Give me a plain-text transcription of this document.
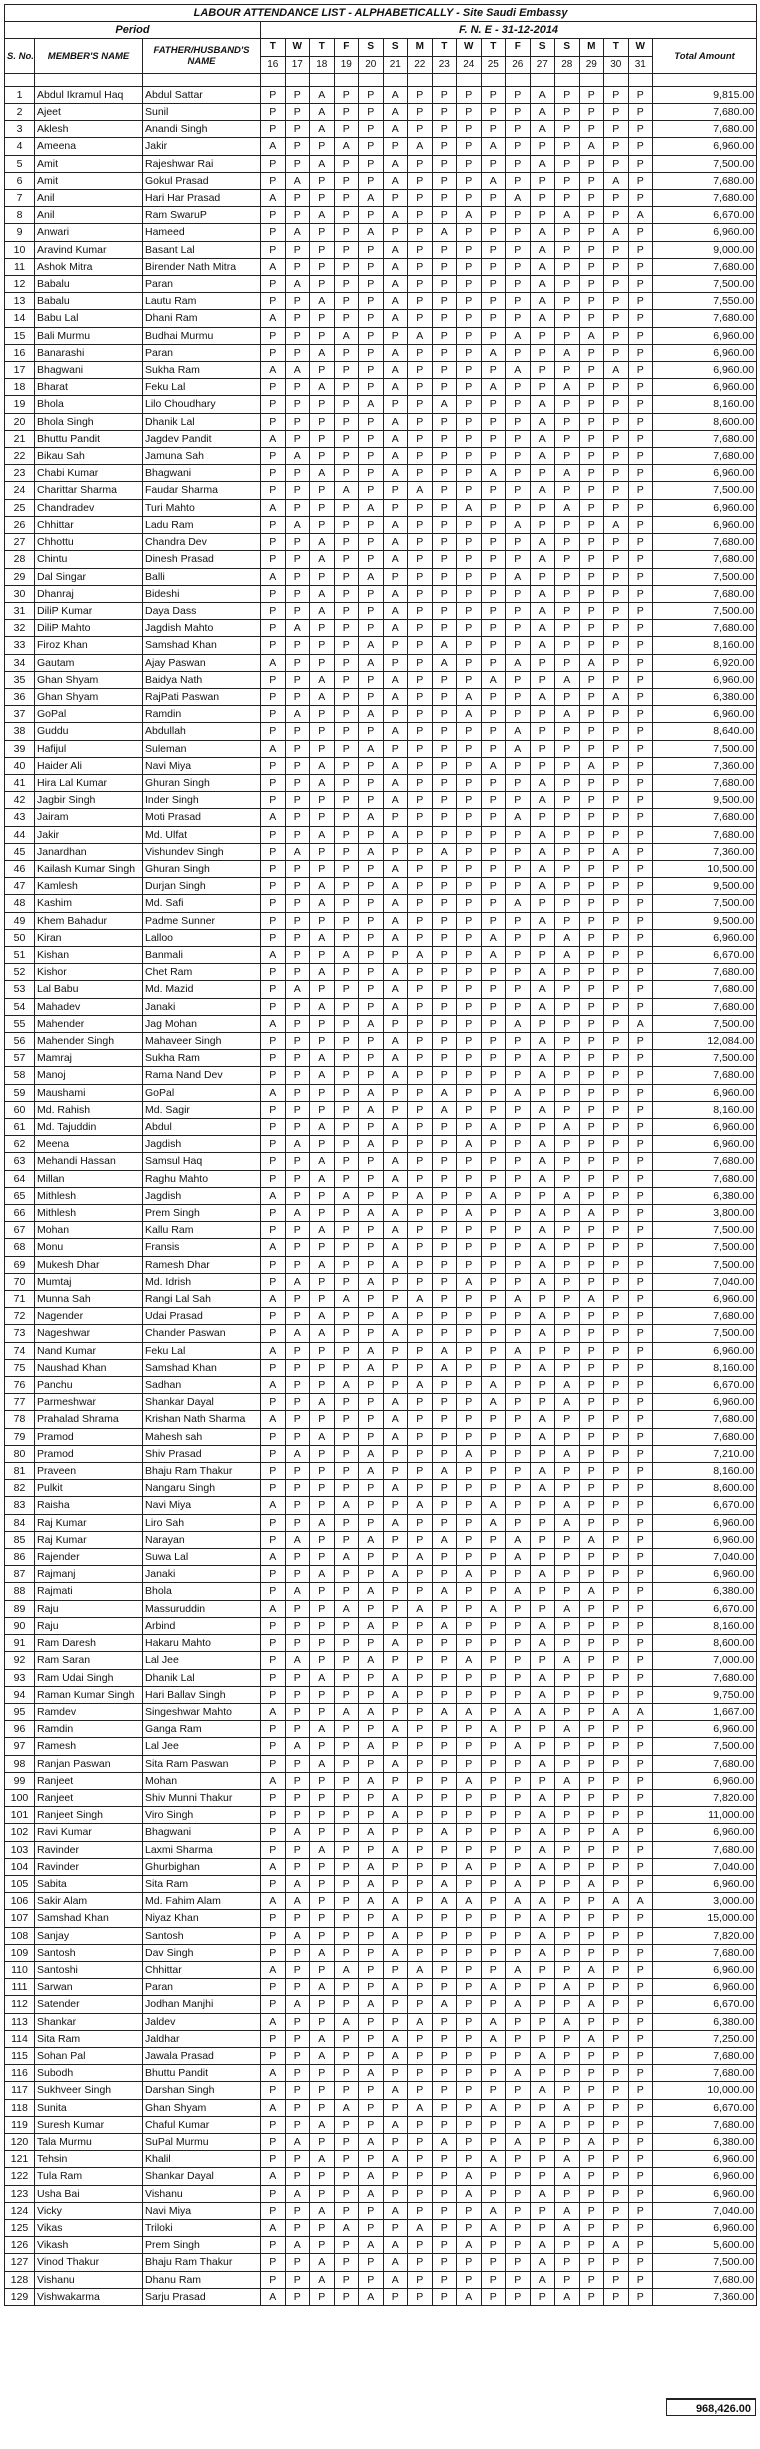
LABOUR ATTENDANCE LIST - ALPHABETICALLY - Site Saudi Embassy																			
Period			F. N. E - 31-12-2014																
S. No.	MEMBER'S NAME	FATHER/HUSBAND'S NAME	T	W	T	F	S	S	M	T	W	T	F	S	S	M	T	W	Total Amount
			16	17	18	19	20	21	22	23	24	25	26	27	28	29	30	31	

1	Abdul Ikramul Haq	Abdul Sattar	P	P	A	P	P	A	P	P	P	P	P	A	P	P	P	P	9,815.00
2	Ajeet	Sunil	P	P	A	P	P	A	P	P	P	P	P	A	P	P	P	P	7,680.00
3	Aklesh	Anandi Singh	P	P	A	P	P	A	P	P	P	P	P	A	P	P	P	P	7,680.00
4	Ameena	Jakir	A	P	P	A	P	P	A	P	P	A	P	P	P	A	P	P	6,960.00
5	Amit	Rajeshwar Rai	P	P	A	P	P	A	P	P	P	P	P	A	P	P	P	P	7,500.00
6	Amit	Gokul Prasad	P	A	P	P	P	A	P	P	P	A	P	P	P	P	A	P	7,680.00
7	Anil	Hari Har Prasad	A	P	P	P	A	P	P	P	P	P	A	P	P	P	P	P	7,680.00
8	Anil	Ram SwaruP	P	P	A	P	P	A	P	P	A	P	P	P	A	P	P	A	6,670.00
9	Anwari	Hameed	P	A	P	P	A	P	P	A	P	P	P	A	P	P	A	P	6,960.00
10	Aravind Kumar	Basant Lal	P	P	P	P	P	A	P	P	P	P	P	A	P	P	P	P	9,000.00
11	Ashok Mitra	Birender Nath Mitra	A	P	P	P	P	A	P	P	P	P	P	A	P	P	P	P	7,680.00
12	Babalu	Paran	P	A	P	P	P	A	P	P	P	P	P	A	P	P	P	P	7,500.00
13	Babalu	Lautu Ram	P	P	A	P	P	A	P	P	P	P	P	A	P	P	P	P	7,550.00
14	Babu Lal	Dhani Ram	A	P	P	P	P	A	P	P	P	P	P	A	P	P	P	P	7,680.00
15	Bali Murmu	Budhai Murmu	P	P	P	A	P	P	A	P	P	P	A	P	P	A	P	P	6,960.00
16	Banarashi	Paran	P	P	A	P	P	A	P	P	P	A	P	P	A	P	P	P	6,960.00
17	Bhagwani	Sukha Ram	A	A	P	P	P	A	P	P	P	P	A	P	P	P	A	P	6,960.00
18	Bharat	Feku Lal	P	P	A	P	P	A	P	P	P	A	P	P	A	P	P	P	6,960.00
19	Bhola	Lilo Choudhary	P	P	P	P	A	P	P	A	P	P	P	A	P	P	P	P	8,160.00
20	Bhola Singh	Dhanik Lal	P	P	P	P	P	A	P	P	P	P	P	A	P	P	P	P	8,600.00
21	Bhuttu Pandit	Jagdev Pandit	A	P	P	P	P	A	P	P	P	P	P	A	P	P	P	P	7,680.00
22	Bikau Sah	Jamuna Sah	P	A	P	P	P	A	P	P	P	P	P	A	P	P	P	P	7,680.00
23	Chabi Kumar	Bhagwani	P	P	A	P	P	A	P	P	P	A	P	P	A	P	P	P	6,960.00
24	Charittar Sharma	Faudar Sharma	P	P	P	A	P	P	A	P	P	P	P	A	P	P	P	P	7,500.00
25	Chandradev	Turi Mahto	A	P	P	P	A	P	P	P	A	P	P	P	A	P	P	P	6,960.00
26	Chhittar	Ladu Ram	P	A	P	P	P	A	P	P	P	P	A	P	P	P	A	P	6,960.00
27	Chhottu	Chandra Dev	P	P	A	P	P	A	P	P	P	P	P	A	P	P	P	P	7,680.00
28	Chintu	Dinesh Prasad	P	P	A	P	P	A	P	P	P	P	P	A	P	P	P	P	7,680.00
29	Dal Singar	Balli	A	P	P	P	A	P	P	P	P	P	A	P	P	P	P	P	7,500.00
30	Dhanraj	Bideshi	P	P	A	P	P	A	P	P	P	P	P	A	P	P	P	P	7,680.00
31	DiliP Kumar	Daya Dass	P	P	A	P	P	A	P	P	P	P	P	A	P	P	P	P	7,500.00
32	DiliP Mahto	Jagdish Mahto	P	A	P	P	P	A	P	P	P	P	P	A	P	P	P	P	7,680.00
33	Firoz Khan	Samshad Khan	P	P	P	P	A	P	P	A	P	P	P	A	P	P	P	P	8,160.00
34	Gautam	Ajay Paswan	A	P	P	P	A	P	P	A	P	P	A	P	P	A	P	P	6,920.00
35	Ghan Shyam	Baidya Nath	P	P	A	P	P	A	P	P	P	A	P	P	A	P	P	P	6,960.00
36	Ghan Shyam	RajPati Paswan	P	P	A	P	P	A	P	P	A	P	P	A	P	P	A	P	6,380.00
37	GoPal	Ramdin	P	A	P	P	A	P	P	P	A	P	P	P	A	P	P	P	6,960.00
38	Guddu	Abdullah	P	P	P	P	P	A	P	P	P	P	A	P	P	P	P	P	8,640.00
39	Hafijul	Suleman	A	P	P	P	A	P	P	P	P	P	A	P	P	P	P	P	7,500.00
40	Haider Ali	Navi Miya	P	P	A	P	P	A	P	P	P	A	P	P	P	A	P	P	7,360.00
41	Hira Lal Kumar	Ghuran Singh	P	P	A	P	P	A	P	P	P	P	P	A	P	P	P	P	7,680.00
42	Jagbir Singh	Inder Singh	P	P	P	P	P	A	P	P	P	P	P	A	P	P	P	P	9,500.00
43	Jairam	Moti Prasad	A	P	P	P	A	P	P	P	P	P	A	P	P	P	P	P	7,680.00
44	Jakir	Md. Ulfat	P	P	A	P	P	A	P	P	P	P	P	A	P	P	P	P	7,680.00
45	Janardhan	Vishundev Singh	P	A	P	P	A	P	P	A	P	P	P	A	P	P	A	P	7,360.00
46	Kailash Kumar Singh	Ghuran Singh	P	P	P	P	P	A	P	P	P	P	P	A	P	P	P	P	10,500.00
47	Kamlesh	Durjan Singh	P	P	A	P	P	A	P	P	P	P	P	A	P	P	P	P	9,500.00
48	Kashim	Md. Safi	P	P	A	P	P	A	P	P	P	P	A	P	P	P	P	P	7,500.00
49	Khem Bahadur	Padme Sunner	P	P	P	P	P	A	P	P	P	P	P	A	P	P	P	P	9,500.00
50	Kiran	Lalloo	P	P	A	P	P	A	P	P	P	A	P	P	A	P	P	P	6,960.00
51	Kishan	Banmali	A	P	P	A	P	P	A	P	P	A	P	P	A	P	P	P	6,670.00
52	Kishor	Chet Ram	P	P	A	P	P	A	P	P	P	P	P	A	P	P	P	P	7,680.00
53	Lal Babu	Md. Mazid	P	A	P	P	P	A	P	P	P	P	P	A	P	P	P	P	7,680.00
54	Mahadev	Janaki	P	P	A	P	P	A	P	P	P	P	P	A	P	P	P	P	7,680.00
55	Mahender	Jag Mohan	A	P	P	P	A	P	P	P	P	P	A	P	P	P	P	A	7,500.00
56	Mahender Singh	Mahaveer Singh	P	P	P	P	P	A	P	P	P	P	P	A	P	P	P	P	12,084.00
57	Mamraj	Sukha Ram	P	P	A	P	P	A	P	P	P	P	P	A	P	P	P	P	7,500.00
58	Manoj	Rama Nand Dev	P	P	A	P	P	A	P	P	P	P	P	A	P	P	P	P	7,680.00
59	Maushami	GoPal	A	P	P	P	A	P	P	A	P	P	A	P	P	P	P	P	6,960.00
60	Md. Rahish	Md. Sagir	P	P	P	P	A	P	P	A	P	P	P	A	P	P	P	P	8,160.00
61	Md. Tajuddin	Abdul	P	P	A	P	P	A	P	P	P	A	P	P	A	P	P	P	6,960.00
62	Meena	Jagdish	P	A	P	P	A	P	P	P	A	P	P	A	P	P	P	P	6,960.00
63	Mehandi Hassan	Samsul Haq	P	P	A	P	P	A	P	P	P	P	P	A	P	P	P	P	7,680.00
64	Millan	Raghu Mahto	P	P	A	P	P	A	P	P	P	P	P	A	P	P	P	P	7,680.00
65	Mithlesh	Jagdish	A	P	P	A	P	P	A	P	P	A	P	P	A	P	P	P	6,380.00
66	Mithlesh	Prem Singh	P	A	P	P	A	A	P	P	A	P	P	A	P	A	P	P	3,800.00
67	Mohan	Kallu Ram	P	P	A	P	P	A	P	P	P	P	P	A	P	P	P	P	7,500.00
68	Monu	Fransis	A	P	P	P	P	A	P	P	P	P	P	A	P	P	P	P	7,500.00
69	Mukesh Dhar	Ramesh Dhar	P	P	A	P	P	A	P	P	P	P	P	A	P	P	P	P	7,500.00
70	Mumtaj	Md. Idrish	P	A	P	P	A	P	P	P	A	P	P	A	P	P	P	P	7,040.00
71	Munna Sah	Rangi Lal Sah	A	P	P	A	P	P	A	P	P	P	A	P	P	A	P	P	6,960.00
72	Nagender	Udai Prasad	P	P	A	P	P	A	P	P	P	P	P	A	P	P	P	P	7,680.00
73	Nageshwar	Chander Paswan	P	A	A	P	P	A	P	P	P	P	P	A	P	P	P	P	7,500.00
74	Nand Kumar	Feku Lal	A	P	P	P	A	P	P	A	P	P	A	P	P	P	P	P	6,960.00
75	Naushad Khan	Samshad Khan	P	P	P	P	A	P	P	A	P	P	P	A	P	P	P	P	8,160.00
76	Panchu	Sadhan	A	P	P	A	P	P	A	P	P	A	P	P	A	P	P	P	6,670.00
77	Parmeshwar	Shankar Dayal	P	P	A	P	P	A	P	P	P	A	P	P	A	P	P	P	6,960.00
78	Prahalad Shrama	Krishan Nath Sharma	A	P	P	P	P	A	P	P	P	P	P	A	P	P	P	P	7,680.00
79	Pramod	Mahesh sah	P	P	A	P	P	A	P	P	P	P	P	A	P	P	P	P	7,680.00
80	Pramod	Shiv Prasad	P	A	P	P	A	P	P	P	A	P	P	P	A	P	P	P	7,210.00
81	Praveen	Bhaju Ram Thakur	P	P	P	P	A	P	P	A	P	P	P	A	P	P	P	P	8,160.00
82	Pulkit	Nangaru Singh	P	P	P	P	P	A	P	P	P	P	P	A	P	P	P	P	8,600.00
83	Raisha	Navi Miya	A	P	P	A	P	P	A	P	P	A	P	P	A	P	P	P	6,670.00
84	Raj Kumar	Liro Sah	P	P	A	P	P	A	P	P	P	A	P	P	A	P	P	P	6,960.00
85	Raj Kumar	Narayan	P	A	P	P	A	P	P	A	P	P	A	P	P	A	P	P	6,960.00
86	Rajender	Suwa Lal	A	P	P	A	P	P	A	P	P	P	A	P	P	P	P	P	7,040.00
87	Rajmanj	Janaki	P	P	A	P	P	A	P	P	A	P	P	A	P	P	P	P	6,960.00
88	Rajmati	Bhola	P	A	P	P	A	P	P	A	P	P	A	P	P	A	P	P	6,380.00
89	Raju	Massuruddin	A	P	P	A	P	P	A	P	P	A	P	P	A	P	P	P	6,670.00
90	Raju	Arbind	P	P	P	P	A	P	P	A	P	P	P	A	P	P	P	P	8,160.00
91	Ram Daresh	Hakaru Mahto	P	P	P	P	P	A	P	P	P	P	P	A	P	P	P	P	8,600.00
92	Ram Saran	Lal Jee	P	A	P	P	A	P	P	P	A	P	P	P	A	P	P	P	7,000.00
93	Ram Udai Singh	Dhanik Lal	P	P	A	P	P	A	P	P	P	P	P	A	P	P	P	P	7,680.00
94	Raman Kumar Singh	Hari Ballav Singh	P	P	P	P	P	A	P	P	P	P	P	A	P	P	P	P	9,750.00
95	Ramdev	Singeshwar Mahto	A	P	P	A	A	P	P	A	A	P	A	A	P	P	A	A	1,667.00
96	Ramdin	Ganga Ram	P	P	A	P	P	A	P	P	P	A	P	P	A	P	P	P	6,960.00
97	Ramesh	Lal Jee	P	A	P	P	A	P	P	P	P	P	A	P	P	P	P	P	7,500.00
98	Ranjan Paswan	Sita Ram Paswan	P	P	A	P	P	A	P	P	P	P	P	A	P	P	P	P	7,680.00
99	Ranjeet	Mohan	A	P	P	P	A	P	P	P	A	P	P	P	A	P	P	P	6,960.00
100	Ranjeet	Shiv Munni Thakur	P	P	P	P	P	A	P	P	P	P	P	A	P	P	P	P	7,820.00
101	Ranjeet Singh	Viro Singh	P	P	P	P	P	A	P	P	P	P	P	A	P	P	P	P	11,000.00
102	Ravi Kumar	Bhagwani	P	A	P	P	A	P	P	A	P	P	P	A	P	P	A	P	6,960.00
103	Ravinder	Laxmi Sharma	P	P	A	P	P	A	P	P	P	P	P	A	P	P	P	P	7,680.00
104	Ravinder	Ghurbighan	A	P	P	P	A	P	P	P	A	P	P	A	P	P	P	P	7,040.00
105	Sabita	Sita Ram	P	A	P	P	A	P	P	A	P	P	A	P	P	A	P	P	6,960.00
106	Sakir Alam	Md. Fahim Alam	A	A	P	P	A	A	P	A	A	P	A	A	P	P	A	A	3,000.00
107	Samshad Khan	Niyaz Khan	P	P	P	P	P	A	P	P	P	P	P	A	P	P	P	P	15,000.00
108	Sanjay	Santosh	P	A	P	P	P	A	P	P	P	P	P	A	P	P	P	P	7,820.00
109	Santosh	Dav Singh	P	P	A	P	P	A	P	P	P	P	P	A	P	P	P	P	7,680.00
110	Santoshi	Chhittar	A	P	P	A	P	P	A	P	P	P	A	P	P	A	P	P	6,960.00
111	Sarwan	Paran	P	P	A	P	P	A	P	P	P	A	P	P	A	P	P	P	6,960.00
112	Satender	Jodhan Manjhi	P	A	P	P	A	P	P	A	P	P	A	P	P	A	P	P	6,670.00
113	Shankar	Jaldev	A	P	P	A	P	P	A	P	P	A	P	P	A	P	P	P	6,380.00
114	Sita Ram	Jaldhar	P	P	A	P	P	A	P	P	P	A	P	P	P	A	P	P	7,250.00
115	Sohan Pal	Jawala Prasad	P	P	A	P	P	A	P	P	P	P	P	A	P	P	P	P	7,680.00
116	Subodh	Bhuttu Pandit	A	P	P	P	A	P	P	P	P	P	A	P	P	P	P	P	7,680.00
117	Sukhveer Singh	Darshan Singh	P	P	P	P	P	A	P	P	P	P	P	A	P	P	P	P	10,000.00
118	Sunita	Ghan Shyam	A	P	P	A	P	P	A	P	P	A	P	P	A	P	P	P	6,670.00
119	Suresh Kumar	Chaful Kumar	P	P	A	P	P	A	P	P	P	P	P	A	P	P	P	P	7,680.00
120	Tala Murmu	SuPal Murmu	P	A	P	P	A	P	P	A	P	P	A	P	P	A	P	P	6,380.00
121	Tehsin	Khalil	P	P	A	P	P	A	P	P	P	A	P	P	A	P	P	P	6,960.00
122	Tula Ram	Shankar Dayal	A	P	P	P	A	P	P	P	A	P	P	P	A	P	P	P	6,960.00
123	Usha Bai	Vishanu	P	A	P	P	A	P	P	P	A	P	P	A	P	P	P	P	6,960.00
124	Vicky	Navi Miya	P	P	A	P	P	A	P	P	P	A	P	P	A	P	P	P	7,040.00
125	Vikas	Triloki	A	P	P	A	P	P	A	P	P	A	P	P	A	P	P	P	6,960.00
126	Vikash	Prem Singh	P	A	P	P	A	A	P	P	A	P	P	A	P	P	A	P	5,600.00
127	Vinod Thakur	Bhaju Ram Thakur	P	P	A	P	P	A	P	P	P	P	P	A	P	P	P	P	7,500.00
128	Vishanu	Dhanu Ram	P	P	A	P	P	A	P	P	P	P	P	A	P	P	P	P	7,680.00
129	Vishwakarma	Sarju Prasad	A	P	P	P	A	P	P	P	A	P	P	P	A	P	P	P	7,360.00
968,426.00
